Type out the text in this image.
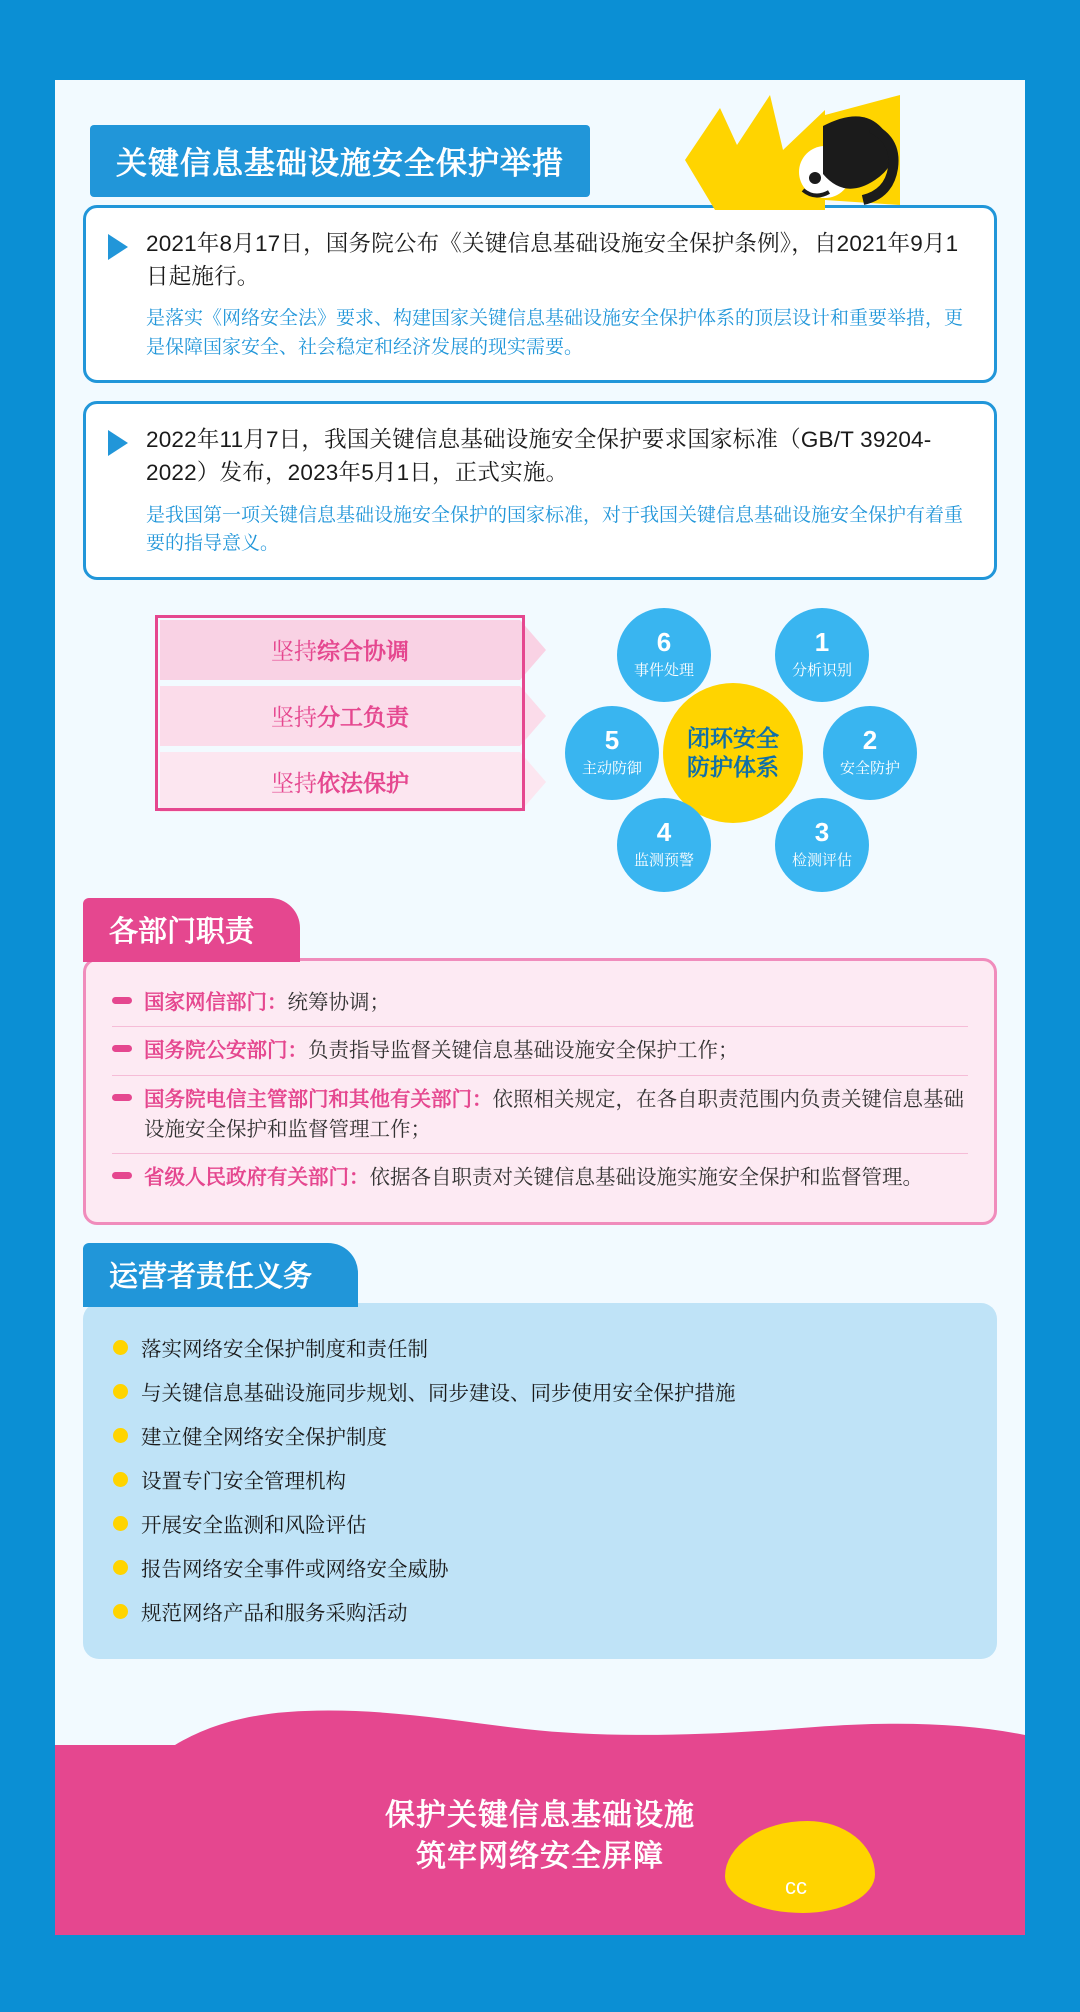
关键信息基础设施安全保护举措
2021年8月17日，国务院公布《关键信息基础设施安全保护条例》，自2021年9月1日起施行。
是落实《网络安全法》要求、构建国家关键信息基础设施安全保护体系的顶层设计和重要举措，更是保障国家安全、社会稳定和经济发展的现实需要。
2022年11月7日，我国关键信息基础设施安全保护要求国家标准（GB/T 39204-2022）发布，2023年5月1日，正式实施。
是我国第一项关键信息基础设施安全保护的国家标准，对于我国关键信息基础设施安全保护有着重要的指导意义。
坚持 综合协调
坚持 分工负责
坚持 依法保护
闭环安全
防护体系
1
分析识别
2
安全防护
3
检测评估
4
监测预警
5
主动防御
6
事件处理
各部门职责
国家网信部门：统筹协调；
国务院公安部门：负责指导监督关键信息基础设施安全保护工作；
国务院电信主管部门和其他有关部门：依照相关规定，在各自职责范围内负责关键信息基础设施安全保护和监督管理工作；
省级人民政府有关部门：依据各自职责对关键信息基础设施实施安全保护和监督管理。
运营者责任义务
落实网络安全保护制度和责任制
与关键信息基础设施同步规划、同步建设、同步使用安全保护措施
建立健全网络安全保护制度
设置专门安全管理机构
开展安全监测和风险评估
报告网络安全事件或网络安全威胁
规范网络产品和服务采购活动
cc
保护关键信息基础设施
筑牢网络安全屏障
